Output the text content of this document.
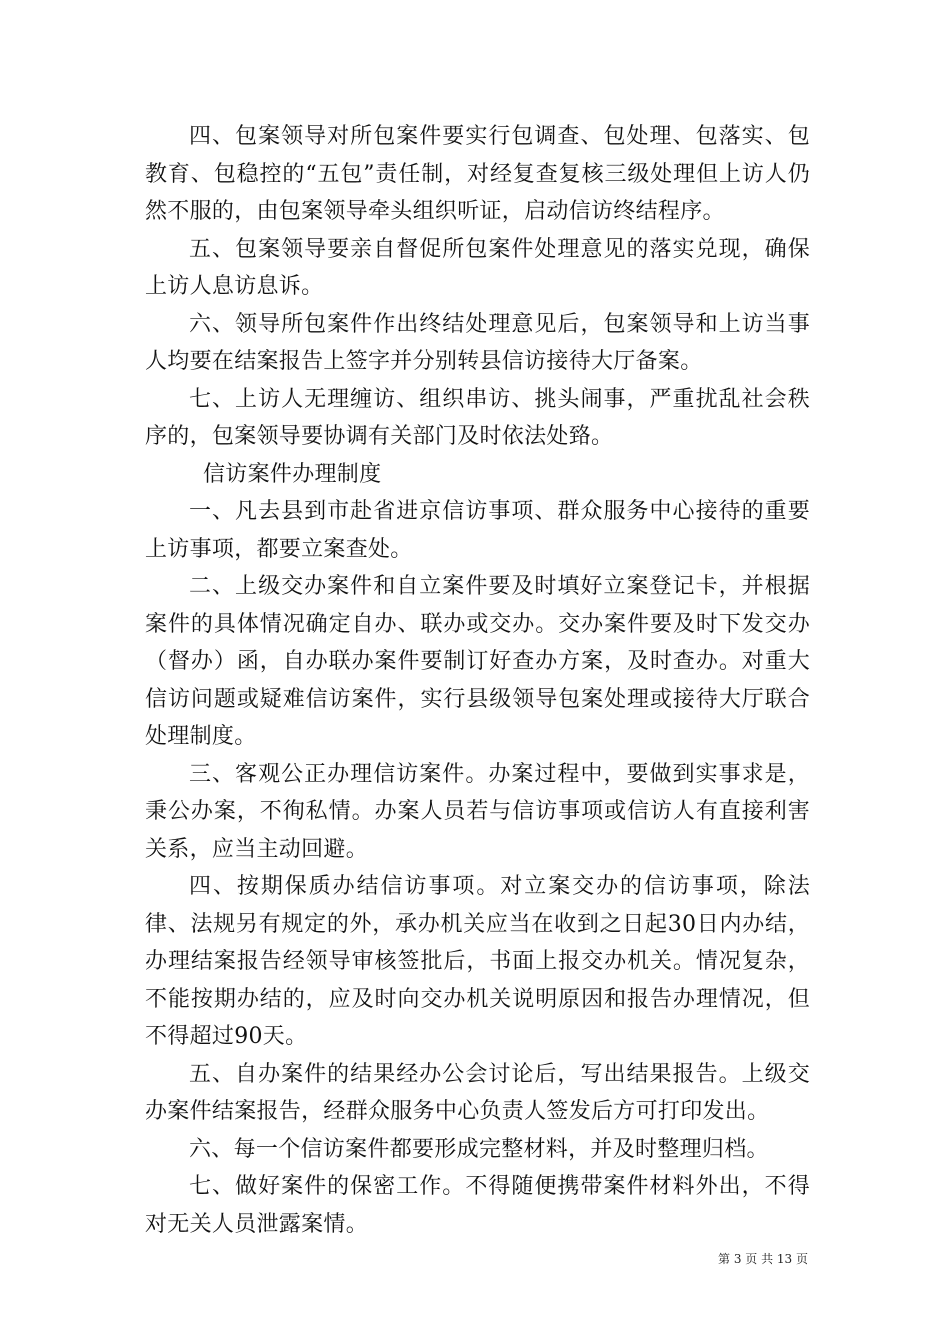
四、包案领导对所包案件要实行包调查、包处理、包落实、包教育、包稳控的“五包”责任制，对经复查复核三级处理但上访人仍然不服的，由包案领导牵头组织听证，启动信访终结程序。

五、包案领导要亲自督促所包案件处理意见的落实兑现，确保上访人息访息诉。

六、领导所包案件作出终结处理意见后，包案领导和上访当事人均要在结案报告上签字并分别转县信访接待大厅备案。

七、上访人无理缠访、组织串访、挑头闹事，严重扰乱社会秩序的，包案领导要协调有关部门及时依法处臵。

信访案件办理制度

一、凡去县到市赴省进京信访事项、群众服务中心接待的重要上访事项，都要立案查处。

二、上级交办案件和自立案件要及时填好立案登记卡，并根据案件的具体情况确定自办、联办或交办。交办案件要及时下发交办（督办）函，自办联办案件要制订好查办方案，及时查办。对重大信访问题或疑难信访案件，实行县级领导包案处理或接待大厅联合处理制度。

三、客观公正办理信访案件。办案过程中，要做到实事求是，秉公办案，不徇私情。办案人员若与信访事项或信访人有直接利害关系，应当主动回避。

四、按期保质办结信访事项。对立案交办的信访事项，除法律、法规另有规定的外，承办机关应当在收到之日起30日内办结，办理结案报告经领导审核签批后，书面上报交办机关。情况复杂，不能按期办结的，应及时向交办机关说明原因和报告办理情况，但不得超过90天。

五、自办案件的结果经办公会讨论后，写出结果报告。上级交办案件结案报告，经群众服务中心负责人签发后方可打印发出。

六、每一个信访案件都要形成完整材料，并及时整理归档。

七、做好案件的保密工作。不得随便携带案件材料外出，不得对无关人员泄露案情。

第 3 页 共 13 页
